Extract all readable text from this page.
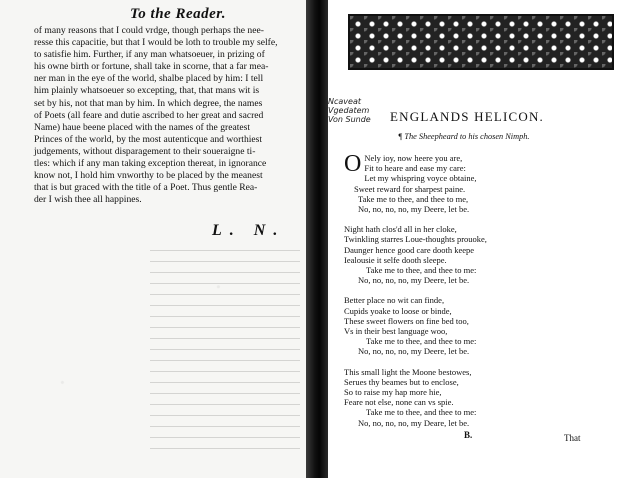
To the Reader.
of many reasons that I could vrdge, though perhaps the nee-
resse this capacitie, but that I would be loth to trouble my selfe,
to satisfie him. Further, if any man whatsoeuer, in prizing of
his owne birth or fortune, shall take in scorne, that a far mea-
ner man in the eye of the world, shalbe placed by him: I tell
him plainly whatsoeuer so excepting, that, that mans wit is
set by his, not that man by him. In which degree, the names
of Poets (all feare and dutie ascribed to her great and sacred
Name) haue beene placed with the names of the greatest
Princes of the world, by the most autenticque and worthiest
judgements, without disparagement to their soueraigne ti-
tles: which if any man taking exception thereat, in ignorance
know not, I hold him vnworthy to be placed by the meanest
that is but graced with the title of a Poet. Thus gentle Rea-
der I wish thee all happines.
L. N.
Ncaveat
Vgedatem
Von Sunde ENGLANDS HELICON.
¶ The Sheepheard to his chosen Nimph.
O Nely ioy, now heere you are,
Fit to heare and ease my care:
Let my whispring voyce obtaine,
Sweet reward for sharpest paine.
Take me to thee, and thee to me,
No, no, no, no, my Deere, let be.
Night hath clos'd all in her cloke,
Twinkling starres Loue-thoughts prouoke,
Daunger hence good care dooth keepe
Iealousie it selfe dooth sleepe.
Take me to thee, and thee to me:
No, no, no, no, my Deere, let be.
Better place no wit can finde,
Cupids yoake to loose or binde,
These sweet flowers on fine bed too,
Vs in their best language woo,
Take me to thee, and thee to me:
No, no, no, no, my Deere, let be.
This small light the Moone bestowes,
Serues thy beames but to enclose,
So to raise my hap more hie,
Feare not else, none can vs spie.
Take me to thee, and thee to me:
No, no, no, no, my Deare, let be.
B.	That
